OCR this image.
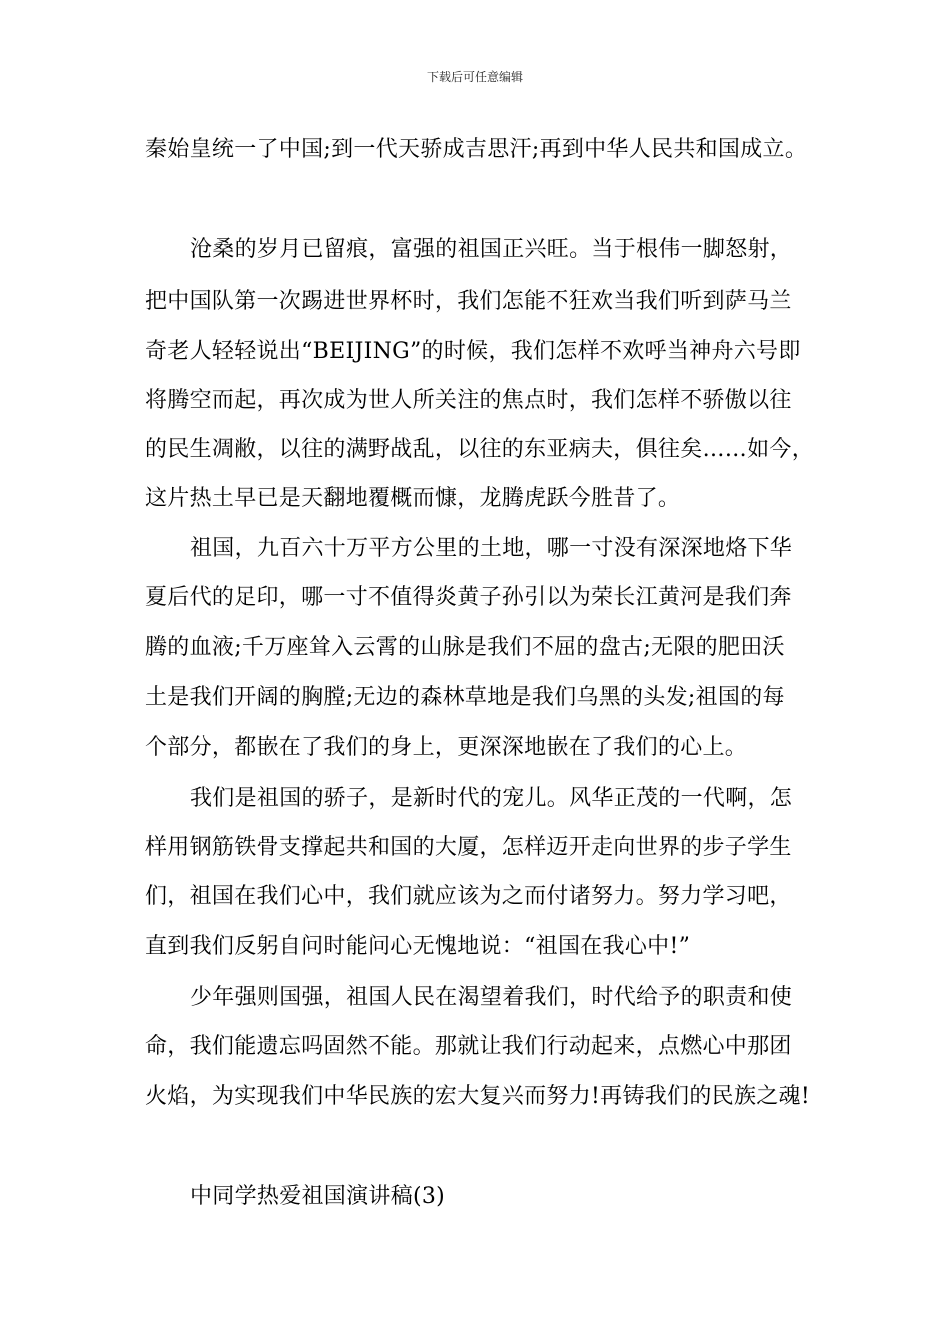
下载后可任意编辑
秦始皇统一了中国;到一代天骄成吉思汗;再到中华人民共和国成立。
沧桑的岁月已留痕，富强的祖国正兴旺。当于根伟一脚怒射，
把中国队第一次踢进世界杯时，我们怎能不狂欢当我们听到萨马兰
奇老人轻轻说出“BEIJING”的时候，我们怎样不欢呼当神舟六号即
将腾空而起，再次成为世人所关注的焦点时，我们怎样不骄傲以往
的民生凋敝，以往的满野战乱，以往的东亚病夫，俱往矣……如今，
这片热土早已是天翻地覆概而慷，龙腾虎跃今胜昔了。
祖国，九百六十万平方公里的土地，哪一寸没有深深地烙下华
夏后代的足印，哪一寸不值得炎黄子孙引以为荣长江黄河是我们奔
腾的血液;千万座耸入云霄的山脉是我们不屈的盘古;无限的肥田沃
土是我们开阔的胸膛;无边的森林草地是我们乌黑的头发;祖国的每
个部分，都嵌在了我们的身上，更深深地嵌在了我们的心上。
我们是祖国的骄子，是新时代的宠儿。风华正茂的一代啊，怎
样用钢筋铁骨支撑起共和国的大厦，怎样迈开走向世界的步子学生
们，祖国在我们心中，我们就应该为之而付诸努力。努力学习吧，
直到我们反躬自问时能问心无愧地说：“祖国在我心中!”
少年强则国强，祖国人民在渴望着我们，时代给予的职责和使
命，我们能遗忘吗固然不能。那就让我们行动起来，点燃心中那团
火焰，为实现我们中华民族的宏大复兴而努力!再铸我们的民族之魂!
中同学热爱祖国演讲稿(3)
